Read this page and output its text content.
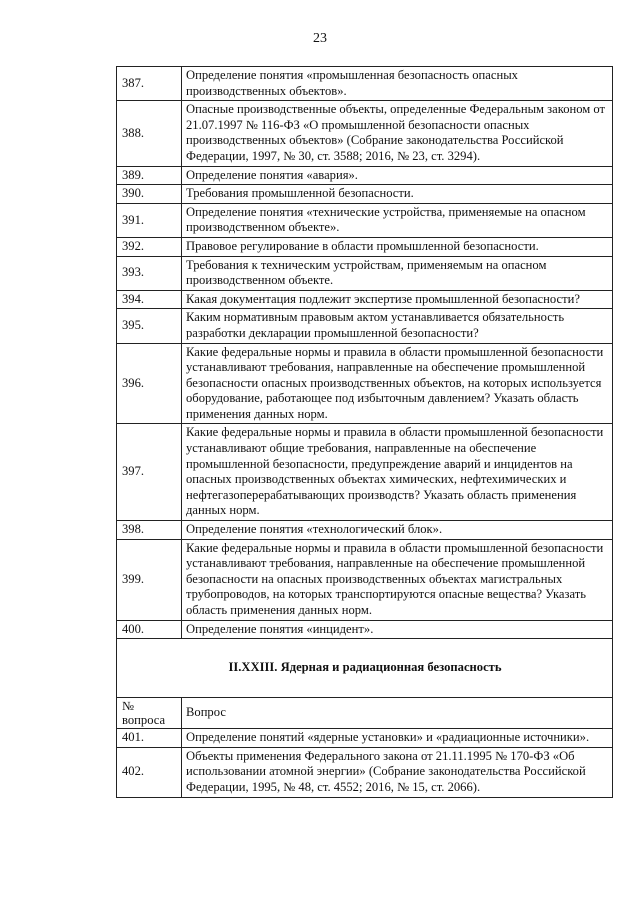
23
387.	Определение понятия «промышленная безопасность опасных производственных объектов».
388.	Опасные производственные объекты, определенные Федеральным законом от 21.07.1997 № 116-ФЗ «О промышленной безопасности опасных производственных объектов» (Собрание законодательства Российской Федерации, 1997, № 30, ст. 3588; 2016, № 23, ст. 3294).
389.	Определение понятия «авария».
390.	Требования промышленной безопасности.
391.	Определение понятия «технические устройства, применяемые на опасном производственном объекте».
392.	Правовое регулирование в области промышленной безопасности.
393.	Требования к техническим устройствам, применяемым на опасном производственном объекте.
394.	Какая документация подлежит экспертизе промышленной безопасности?
395.	Каким нормативным правовым актом устанавливается обязательность разработки декларации промышленной безопасности?
396.	Какие федеральные нормы и правила в области промышленной безопасности устанавливают требования, направленные на обеспечение промышленной безопасности опасных производственных объектов, на которых используется оборудование, работающее под избыточным давлением? Указать область применения данных норм.
397.	Какие федеральные нормы и правила в области промышленной безопасности устанавливают общие требования, направленные на обеспечение промышленной безопасности, предупреждение аварий и инцидентов на опасных производственных объектах химических, нефтехимических и нефтегазоперерабатывающих производств? Указать область применения данных норм.
398.	Определение понятия «технологический блок».
399.	Какие федеральные нормы и правила в области промышленной безопасности устанавливают требования, направленные на обеспечение промышленной безопасности на опасных производственных объектах магистральных трубопроводов, на которых транспортируются опасные вещества? Указать область применения данных норм.
400.	Определение понятия «инцидент».
II.XXIII. Ядерная и радиационная безопасность	
№ вопроса	Вопрос
401.	Определение понятий «ядерные установки» и «радиационные источники».
402.	Объекты применения Федерального закона от 21.11.1995 № 170-ФЗ «Об использовании атомной энергии» (Собрание законодательства Российской Федерации, 1995, № 48, ст. 4552; 2016, № 15, ст. 2066).
